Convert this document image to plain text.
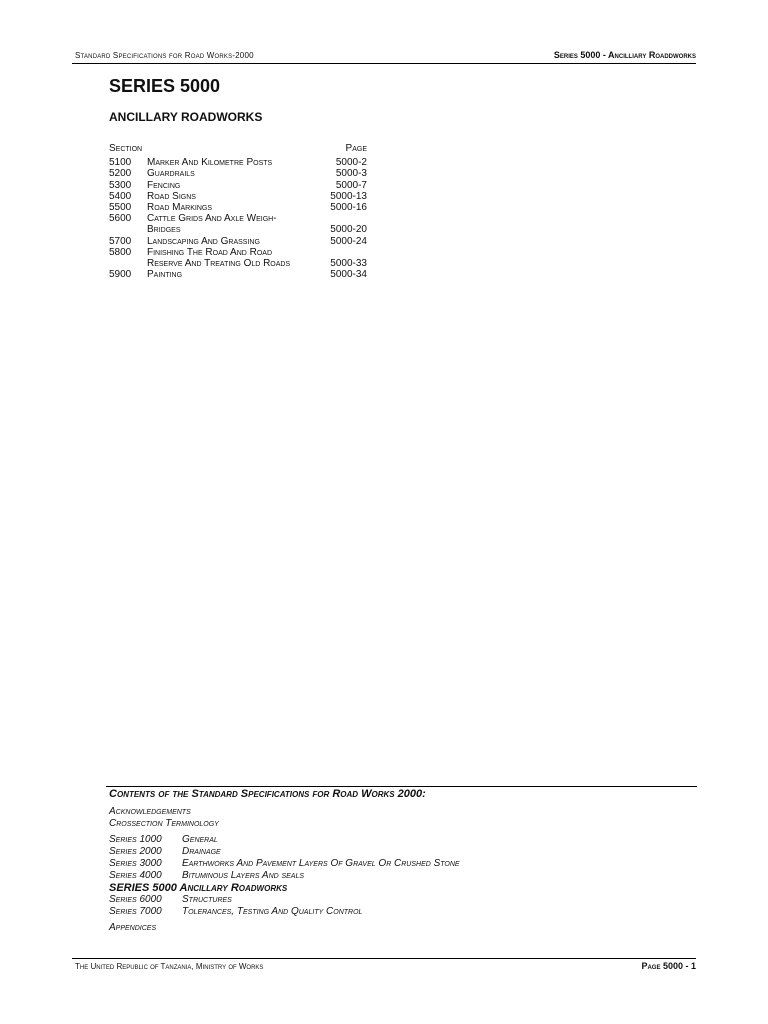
Standard Specifications for Road Works-2000	Series 5000 - Ancilliary Roaddworks
SERIES 5000
ANCILLARY ROADWORKS
Section	Page
5100	Marker And Kilometre Posts	5000-2
5200	Guardrails	5000-3
5300	Fencing	5000-7
5400	Road Signs	5000-13
5500	Road Markings	5000-16
5600	Cattle Grids And Axle Weigh-
Bridges	5000-20
5700	Landscaping And Grassing	5000-24
5800	Finishing The Road And Road
Reserve And Treating Old Roads	5000-33
5900	Painting	5000-34
Contents of the Standard Specifications for Road Works 2000:
Acknowledgements
Crossection Terminology
Series 1000 General
Series 2000 Drainage
Series 3000 Earthworks And Pavement Layers Of Gravel Or Crushed Stone
Series 4000 Bituminous Layers And seals
SERIES 5000 Ancillary Roadworks
Series 6000 Structures
Series 7000 Tolerances, Testing And Quality Control
Appendices
The United Republic of Tanzania, Ministry of Works	Page 5000 - 1
